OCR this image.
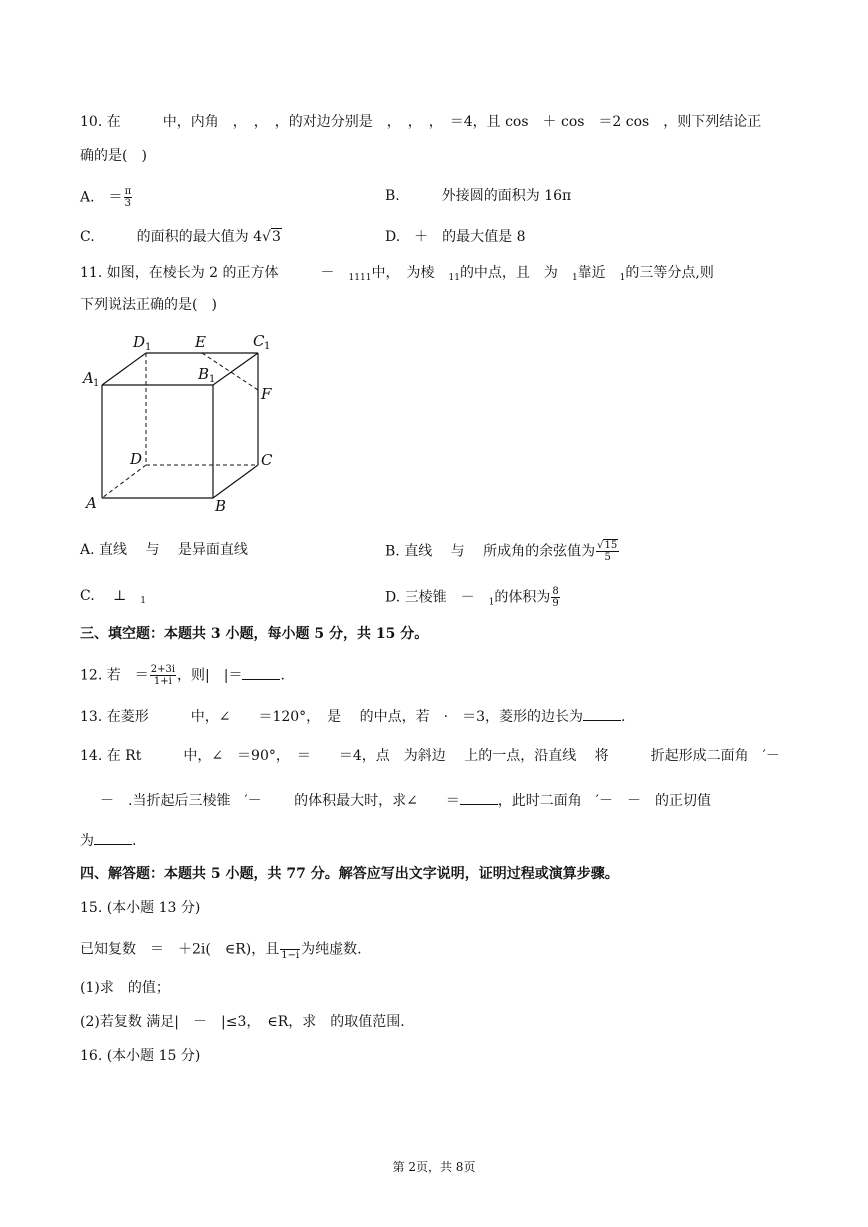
10. 在　　　中，内角　，　，　，的对边分别是　，　，　，　＝4，且 cos　＋ cos　＝2 cos　，则下列结论正
确的是(　)
A.　＝ $\frac{\pi}{3}$	B.　　　外接圆的面积为 16π
C.　　　的面积的最大值为 4√3	D.　＋　的最大值是 8
11. 如图，在棱长为 2 的正方体　　　－　$_{1111}$中，　为棱　$_{11}$的中点，且　为　$_1$靠近　$_1$的三等分点,则
下列说法正确的是(　)
D 1	E	C 1
A 1
B 1
F
D	C
A	B
A. 直线　 与　 是异面直线	B. 直线　 与　 所成角的余弦值为 $\frac{√15}{5}$
C.　 ⊥　$_1$	D. 三棱锥　－　$_1$的体积为 $\frac{8}{9}$
三、填空题：本题共 3 小题，每小题 5 分，共 15 分。
12. 若　＝ $\frac{2+3i}{1+i}$ ，则|　|＝	.
13. 在菱形　　　中，∠　　＝120°，　是　 的中点，若　·　＝3，菱形的边长为	.
14. 在 Rt　　　中，∠　＝90°，　＝　　＝4，点　为斜边　 上的一点，沿直线　 将　　　折起形成二面角　′－
－　.当折起后三棱锥　′－　　 的体积最大时，求∠　　＝	，此时二面角　′－　－　的正切值
为	.
四、解答题：本题共 5 小题，共 77 分。解答应写出文字说明，证明过程或演算步骤。
15. (本小题 13 分)
已知复数　＝　＋2i(　∈R)，且
  1−i 为纯虚数.
(1)求　的值；
(2)若复数 满足|　－　|≤3，　∈R，求　的取值范围.
16. (本小题 15 分)
第 2页，共 8页
